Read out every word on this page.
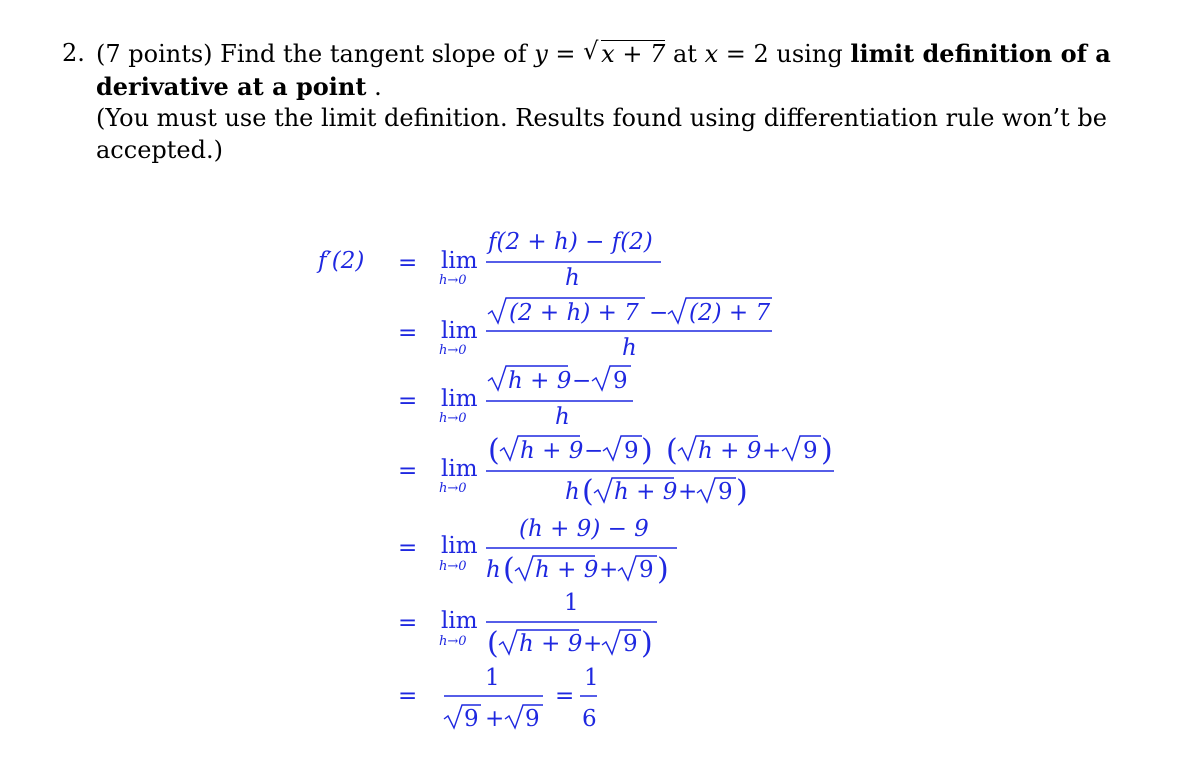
2. (7 points) Find the tangent slope of y = √ x + 7 at x = 2 using limit definition of a
derivative at a point .
(You must use the limit definition. Results found using differentiation rule won’t be
accepted.)
f′(2) = lim
h→0
f(2 + h) − f(2)
h
= lim
h→0
(2 + h) + 7 − (2) + 7
h
= lim
h→0
h + 9 − 9
h
= lim
h→0
( h + 9 − 9 ) ( h + 9 + 9 )
h ( h + 9 + 9 )
= lim
h→0
(h + 9) − 9
h ( h + 9 + 9 )
= lim
h→0
1
( h + 9 + 9 )
=
1
9 + 9
=
1
6
